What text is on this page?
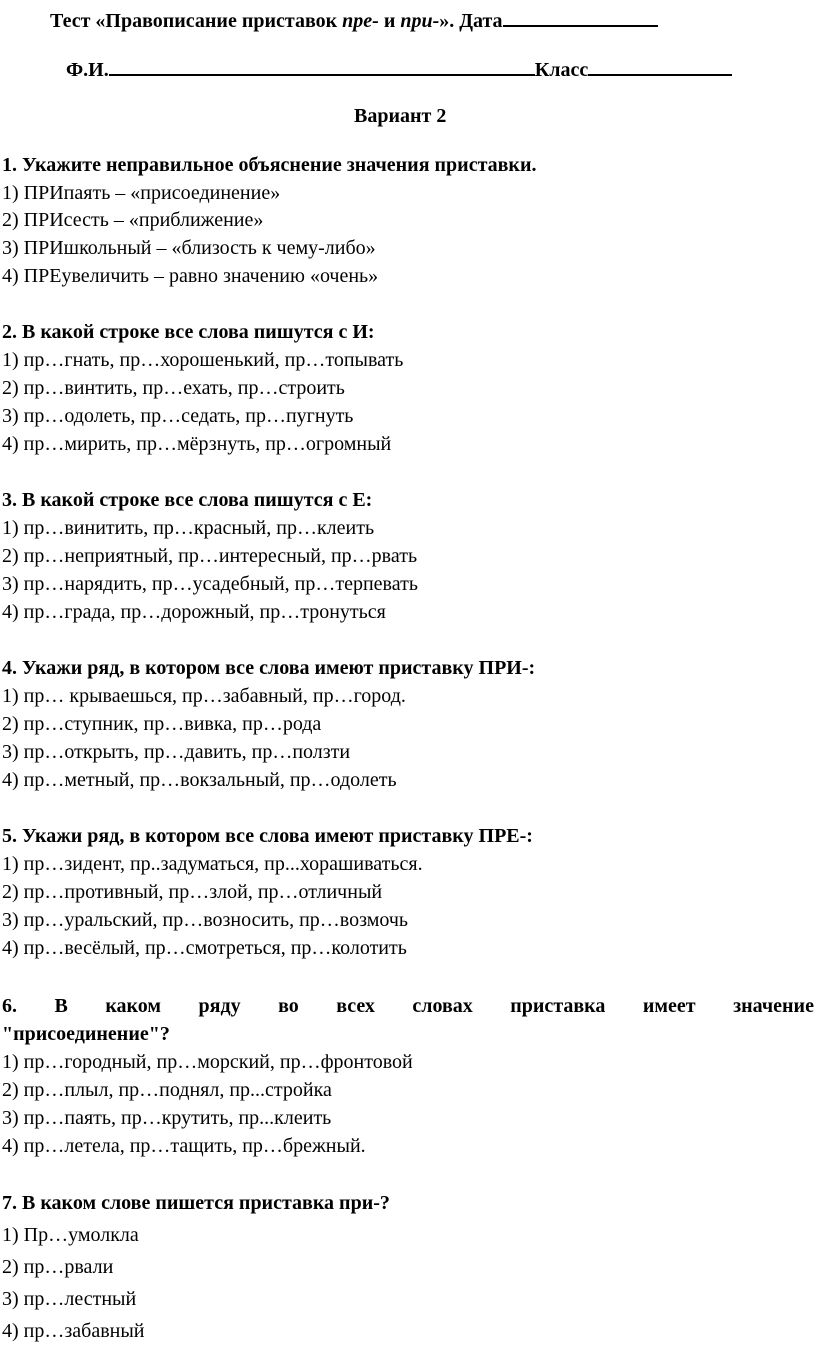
Тест «Правописание приставок пре- и при-». Дата
Ф.И.	Класс
Вариант 2
1. Укажите неправильное объяснение значения приставки.
1) ПРИпаять – «присоединение»
2) ПРИсесть – «приближение»
3) ПРИшкольный – «близость к чему-либо»
4) ПРЕувеличить – равно значению «очень»
2. В какой строке все слова пишутся с И:
1) пр…гнать, пр…хорошенький, пр…топывать
2) пр…винтить, пр…ехать, пр…строить
3) пр…одолеть, пр…седать, пр…пугнуть
4) пр…мирить, пр…мёрзнуть, пр…огромный
3. В какой строке все слова пишутся с Е:
1) пр…винитить, пр…красный, пр…клеить
2) пр…неприятный, пр…интересный, пр…рвать
3) пр…нарядить, пр…усадебный, пр…терпевать
4) пр…града, пр…дорожный, пр…тронуться
4. Укажи ряд, в котором все слова имеют приставку ПРИ-:
1) пр… крываешься, пр…забавный, пр…город.
2) пр…ступник, пр…вивка, пр…рода
3) пр…открыть, пр…давить, пр…ползти
4) пр…метный, пр…вокзальный, пр…одолеть
5. Укажи ряд, в котором все слова имеют приставку ПРЕ-:
1) пр…зидент, пр..задуматься, пр...хорашиваться.
2) пр…противный, пр…злой, пр…отличный
3) пр…уральский, пр…возносить, пр…возмочь
4) пр…весёлый, пр…смотреться, пр…колотить
6. В каком ряду во всех словах приставка имеет значение
"присоединение"?
1) пр…городный, пр…морский, пр…фронтовой
2) пр…плыл, пр…поднял, пр...стройка
3) пр…паять, пр…крутить, пр...клеить
4) пр…летела, пр…тащить, пр…брежный.
7. В каком слове пишется приставка при-?
1) Пр…умолкла
2) пр…рвали
3) пр…лестный
4) пр…забавный
